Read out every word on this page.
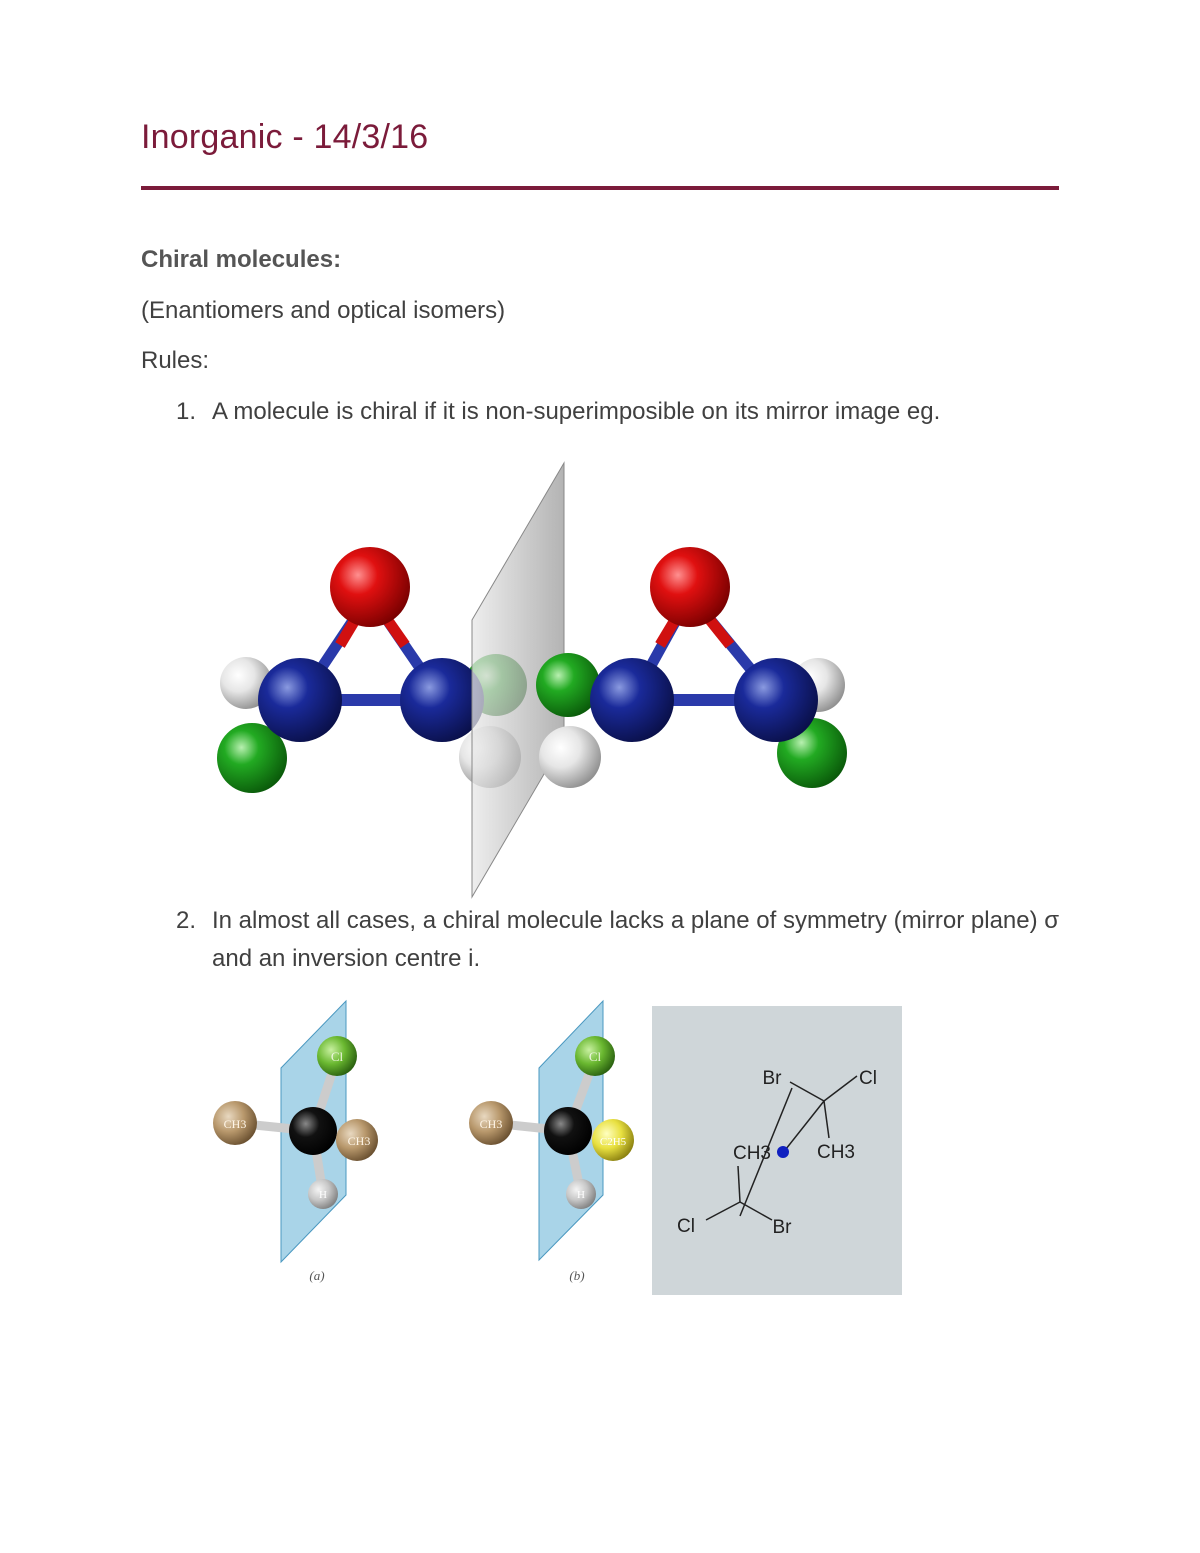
Inorganic - 14/3/16
Chiral molecules:
(Enantiomers and optical isomers)
Rules:
1. A molecule is chiral if it is non-superimposible on its mirror image eg.
2. In almost all cases, a chiral molecule lacks a plane of symmetry (mirror plane) σ and an inversion centre i.
Cl
CH3
CH3
H
(a)
Cl
CH3
C2H5
H
(b)
Br	Cl
CH3 CH3
Cl	Br
